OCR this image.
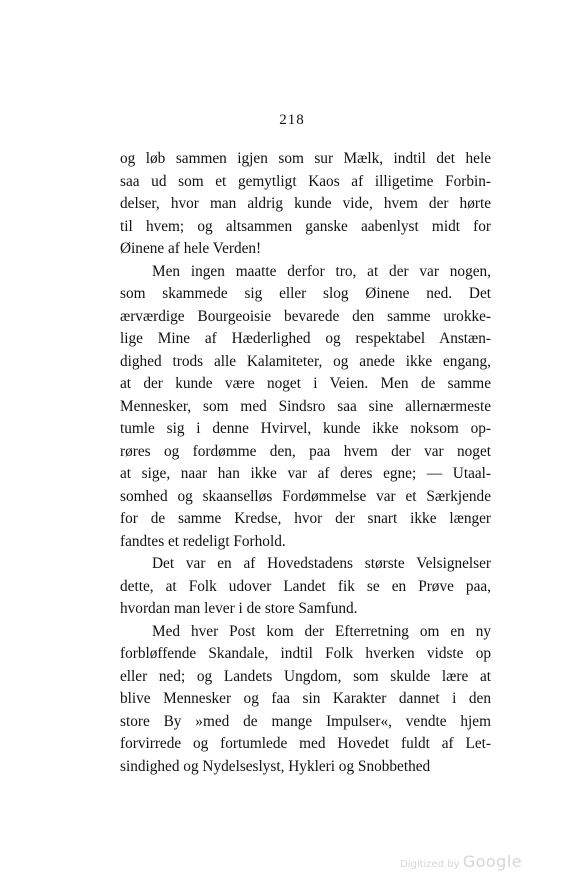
218
og løb sammen igjen som sur Mælk, indtil det hele
saa ud som et gemytligt Kaos af illigetime Forbin-
delser, hvor man aldrig kunde vide, hvem der hørte
til hvem; og altsammen ganske aabenlyst midt for
Øinene af hele Verden!
Men ingen maatte derfor tro, at der var nogen,
som skammede sig eller slog Øinene ned. Det
ærværdige Bourgeoisie bevarede den samme urokke-
lige Mine af Hæderlighed og respektabel Anstæn-
dighed trods alle Kalamiteter, og anede ikke engang,
at der kunde være noget i Veien. Men de samme
Mennesker, som med Sindsro saa sine allernærmeste
tumle sig i denne Hvirvel, kunde ikke noksom op-
røres og fordømme den, paa hvem der var noget
at sige, naar han ikke var af deres egne; — Utaal-
somhed og skaanselløs Fordømmelse var et Særkjende
for de samme Kredse, hvor der snart ikke længer
fandtes et redeligt Forhold.
Det var en af Hovedstadens største Velsignelser
dette, at Folk udover Landet fik se en Prøve paa,
hvordan man lever i de store Samfund.
Med hver Post kom der Efterretning om en ny
forbløffende Skandale, indtil Folk hverken vidste op
eller ned; og Landets Ungdom, som skulde lære at
blive Mennesker og faa sin Karakter dannet i den
store By »med de mange Impulser«, vendte hjem
forvirrede og fortumlede med Hovedet fuldt af Let-
sindighed og Nydelseslyst, Hykleri og Snobbethed
Digitized by Google
